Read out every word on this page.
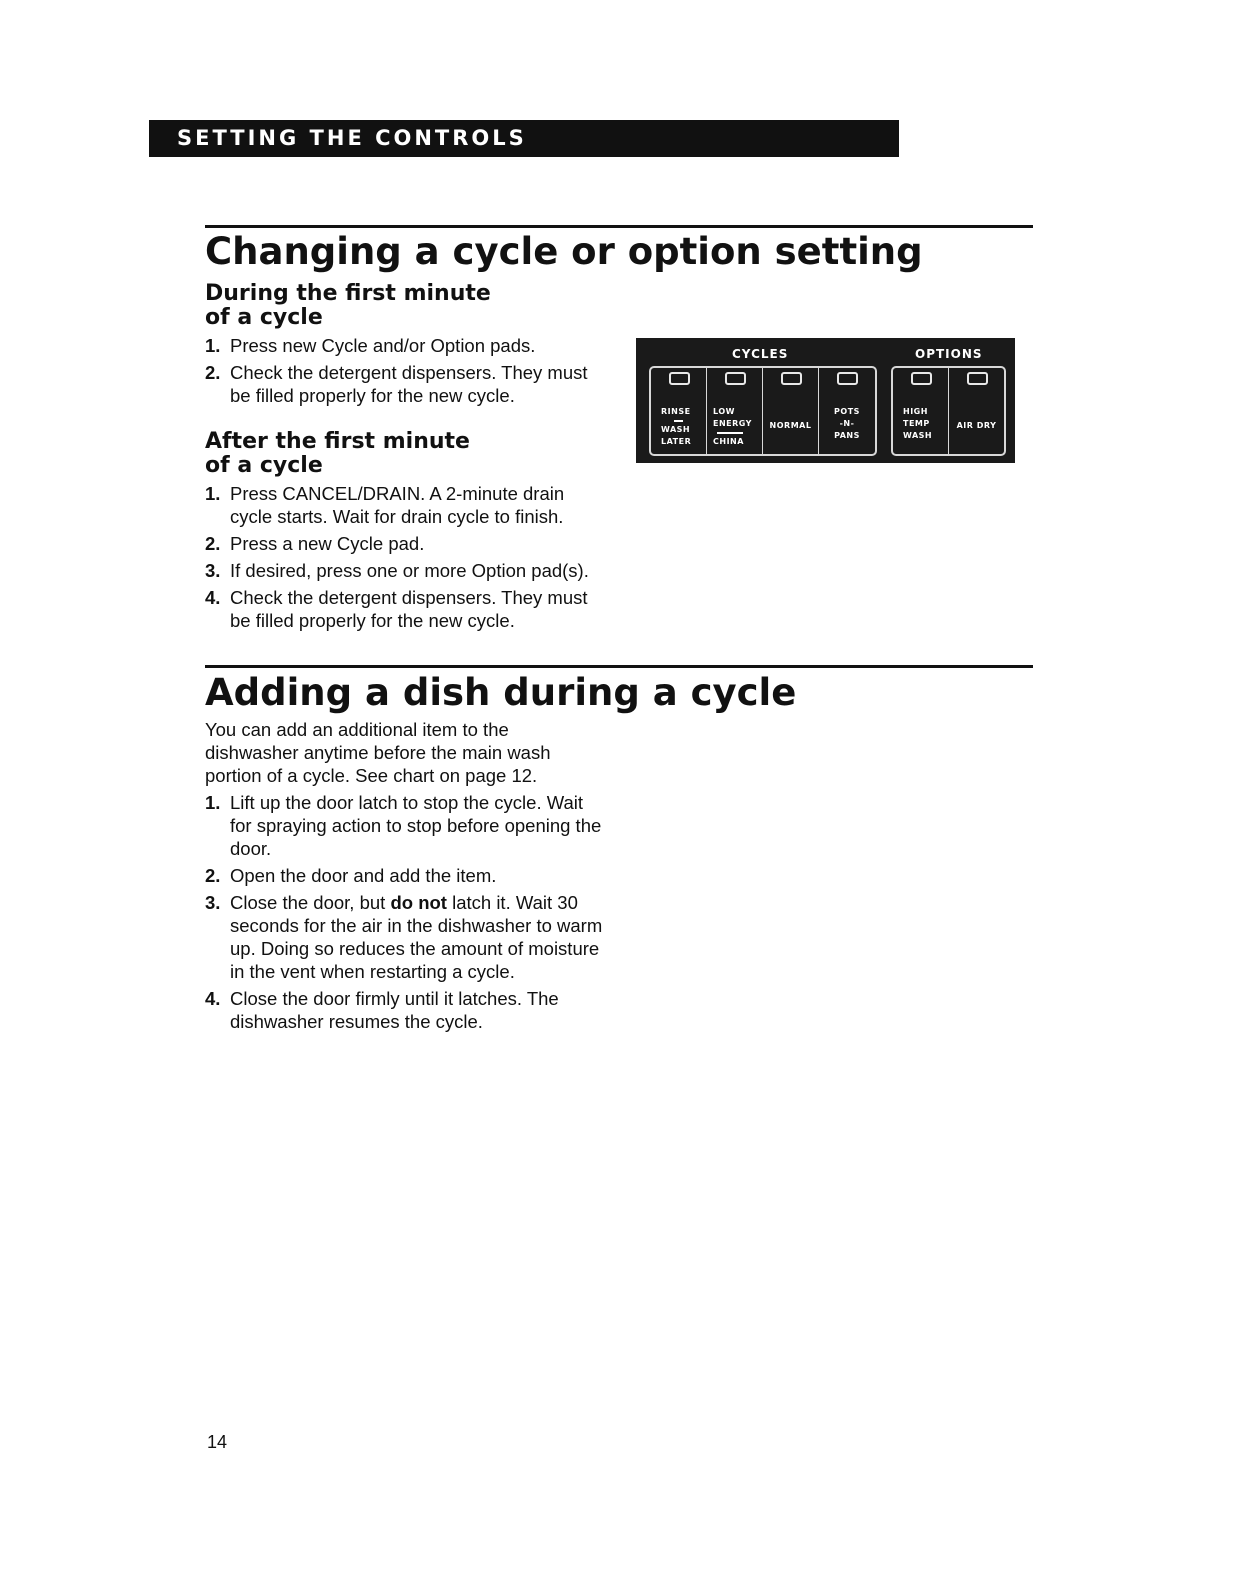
SETTING THE CONTROLS
Changing a cycle or option setting
During the first minute
of a cycle
1. Press new Cycle and/or Option pads.
2. Check the detergent dispensers. They must be filled properly for the new cycle.
After the first minute
of a cycle
1. Press CANCEL/DRAIN. A 2-minute drain cycle starts. Wait for drain cycle to finish.
2. Press a new Cycle pad.
3. If desired, press one or more Option pad(s).
4. Check the detergent dispensers. They must be filled properly for the new cycle.
CYCLES	OPTIONS
RINSE

WASH
LATER
LOW
ENERGY

CHINA
NORMAL
POTS
-N-
PANS
HIGH
TEMP
WASH
AIR DRY
Adding a dish during a cycle

You can add an additional item to the dishwasher anytime before the main wash portion of a cycle. See chart on page 12.

1. Lift up the door latch to stop the cycle. Wait for spraying action to stop before opening the door.
2. Open the door and add the item.
3. Close the door, but do not latch it. Wait 30 seconds for the air in the dishwasher to warm up. Doing so reduces the amount of moisture in the vent when restarting a cycle.
4. Close the door firmly until it latches. The dishwasher resumes the cycle.
14
